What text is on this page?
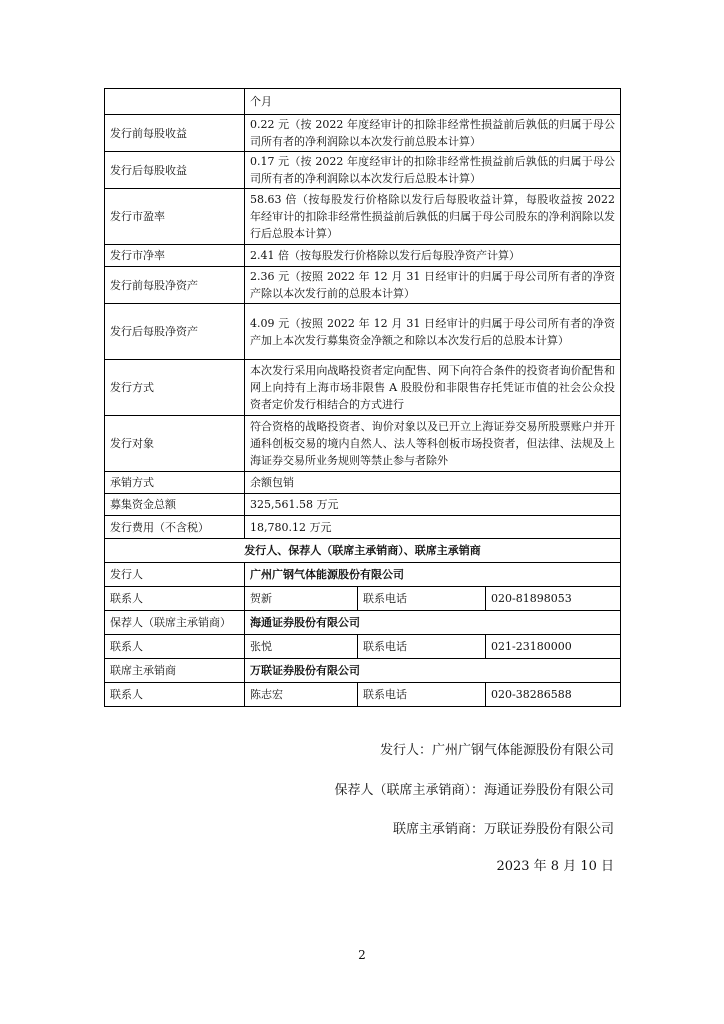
	个月		
发行前每股收益	0.22 元（按 2022 年度经审计的扣除非经常性损益前后孰低的归属于母公司所有者的净利润除以本次发行前总股本计算）		
发行后每股收益	0.17 元（按 2022 年度经审计的扣除非经常性损益前后孰低的归属于母公司所有者的净利润除以本次发行后总股本计算）		
发行市盈率	58.63 倍（按每股发行价格除以发行后每股收益计算，每股收益按 2022 年经审计的扣除非经常性损益前后孰低的归属于母公司股东的净利润除以发行后总股本计算）		
发行市净率	2.41 倍（按每股发行价格除以发行后每股净资产计算）		
发行前每股净资产	2.36 元（按照 2022 年 12 月 31 日经审计的归属于母公司所有者的净资产除以本次发行前的总股本计算）		
发行后每股净资产	4.09 元（按照 2022 年 12 月 31 日经审计的归属于母公司所有者的净资产加上本次发行募集资金净额之和除以本次发行后的总股本计算）		
发行方式	本次发行采用向战略投资者定向配售、网下向符合条件的投资者询价配售和网上向持有上海市场非限售 A 股股份和非限售存托凭证市值的社会公众投资者定价发行相结合的方式进行		
发行对象	符合资格的战略投资者、询价对象以及已开立上海证券交易所股票账户并开通科创板交易的境内自然人、法人等科创板市场投资者，但法律、法规及上海证券交易所业务规则等禁止参与者除外		
承销方式	余额包销		
募集资金总额	325,561.58 万元		
发行费用（不含税）	18,780.12 万元		
发行人、保荐人（联席主承销商）、联席主承销商			
发行人	广州广钢气体能源股份有限公司		
联系人	贺新	联系电话	020-81898053
保荐人（联席主承销商）	海通证券股份有限公司		
联系人	张悦	联系电话	021-23180000
联席主承销商	万联证券股份有限公司		
联系人	陈志宏	联系电话	020-38286588
发行人：广州广钢气体能源股份有限公司
保荐人（联席主承销商）：海通证券股份有限公司
联席主承销商：万联证券股份有限公司
2023 年 8 月 10 日
2
